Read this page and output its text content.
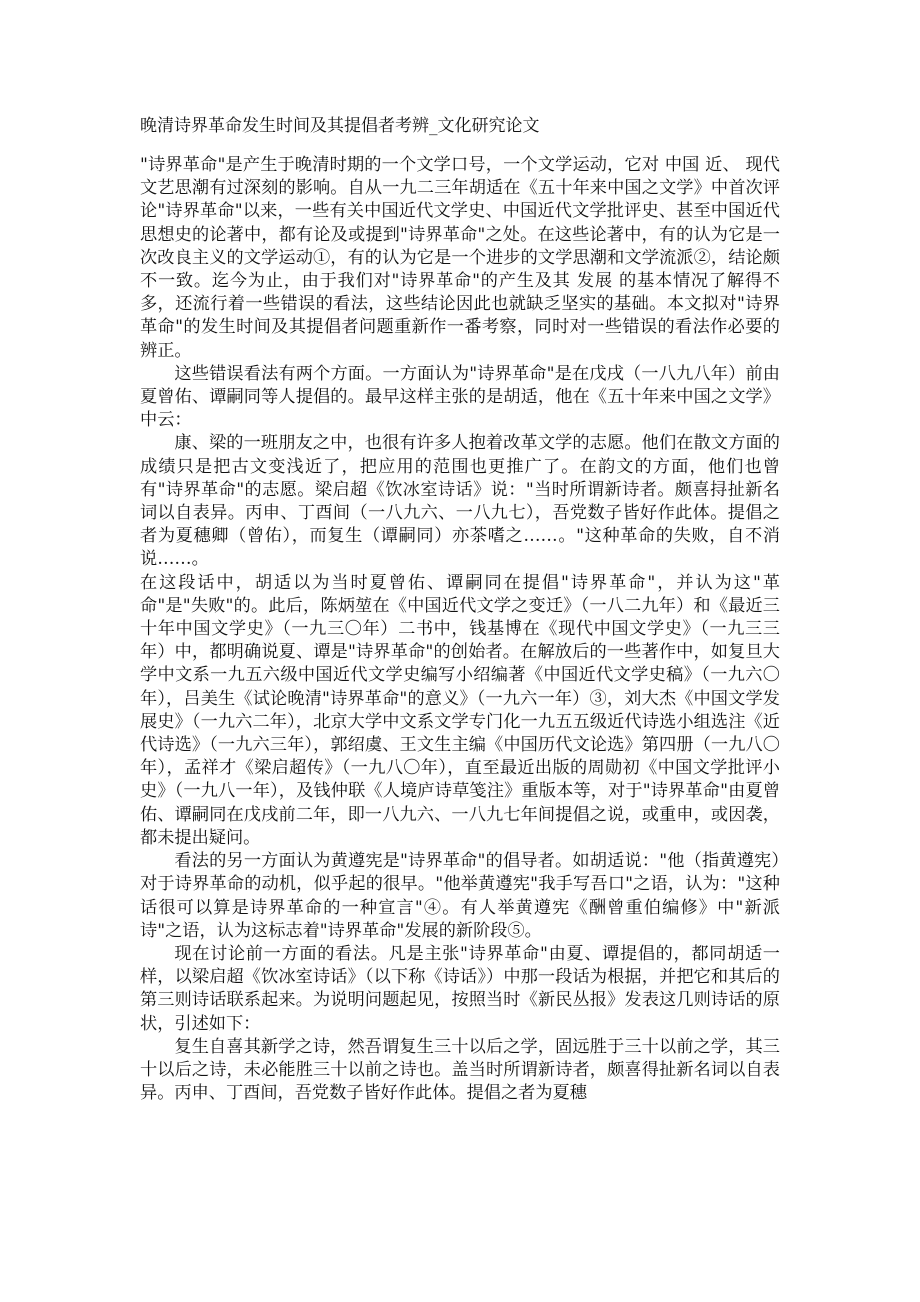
晚清诗界革命发生时间及其提倡者考辨_文化研究论文

"诗界革命"是产生于晚清时期的一个文学口号，一个文学运动，它对 中国 近、 现代 文艺思潮有过深刻的影响。自从一九二三年胡适在《五十年来中国之文学》中首次评论"诗界革命"以来，一些有关中国近代文学史、中国近代文学批评史、甚至中国近代思想史的论著中，都有论及或提到"诗界革命"之处。在这些论著中，有的认为它是一次改良主义的文学运动①，有的认为它是一个进步的文学思潮和文学流派②，结论颇不一致。迄今为止，由于我们对"诗界革命"的产生及其 发展 的基本情况了解得不多，还流行着一些错误的看法，这些结论因此也就缺乏坚实的基础。本文拟对"诗界革命"的发生时间及其提倡者问题重新作一番考察，同时对一些错误的看法作必要的辨正。

这些错误看法有两个方面。一方面认为"诗界革命"是在戊戌（一八九八年）前由夏曾佑、谭嗣同等人提倡的。最早这样主张的是胡适，他在《五十年来中国之文学》中云：

康、梁的一班朋友之中，也很有许多人抱着改革文学的志愿。他们在散文方面的成绩只是把古文变浅近了，把应用的范围也更推广了。在韵文的方面，他们也曾有"诗界革命"的志愿。梁启超《饮冰室诗话》说："当时所谓新诗者。颇喜挦扯新名词以自表异。丙申、丁酉间（一八九六、一八九七），吾党数子皆好作此体。提倡之者为夏穗卿（曾佑），而复生（谭嗣同）亦茶嗜之……。"这种革命的失败，自不消说……。

在这段话中，胡适以为当时夏曾佑、谭嗣同在提倡"诗界革命"，并认为这"革命"是"失败"的。此后，陈炳堃在《中国近代文学之变迁》（一八二九年）和《最近三十年中国文学史》（一九三〇年）二书中，钱基博在《现代中国文学史》（一九三三年）中，都明确说夏、谭是"诗界革命"的创始者。在解放后的一些著作中，如复旦大学中文系一九五六级中国近代文学史编写小绍编著《中国近代文学史稿》（一九六〇年），吕美生《试论晚清"诗界革命"的意义》（一九六一年）③，刘大杰《中国文学发展史》（一九六二年），北京大学中文系文学专门化一九五五级近代诗选小组选注《近代诗选》（一九六三年），郭绍虞、王文生主编《中国历代文论选》第四册（一九八〇年），孟祥才《梁启超传》（一九八〇年），直至最近出版的周勋初《中国文学批评小史》（一九八一年），及钱仲联《人境庐诗草笺注》重版本等，对于"诗界革命"由夏曾佑、谭嗣同在戊戌前二年，即一八九六、一八九七年间提倡之说，或重申，或因袭，都未提出疑问。

看法的另一方面认为黄遵宪是"诗界革命"的倡导者。如胡适说："他（指黄遵宪）对于诗界革命的动机，似乎起的很早。"他举黄遵宪"我手写吾口"之语，认为："这种话很可以算是诗界革命的一种宣言"④。有人举黄遵宪《酬曾重伯编修》中"新派诗"之语，认为这标志着"诗界革命"发展的新阶段⑤。

现在讨论前一方面的看法。凡是主张"诗界革命"由夏、谭提倡的，都同胡适一样，以梁启超《饮冰室诗话》（以下称《诗话》）中那一段话为根据，并把它和其后的第三则诗话联系起来。为说明问题起见，按照当时《新民丛报》发表这几则诗话的原状，引述如下：

复生自喜其新学之诗，然吾谓复生三十以后之学，固远胜于三十以前之学，其三十以后之诗，未必能胜三十以前之诗也。盖当时所谓新诗者，颇喜得扯新名词以自表异。丙申、丁酉间，吾党数子皆好作此体。提倡之者为夏穗
